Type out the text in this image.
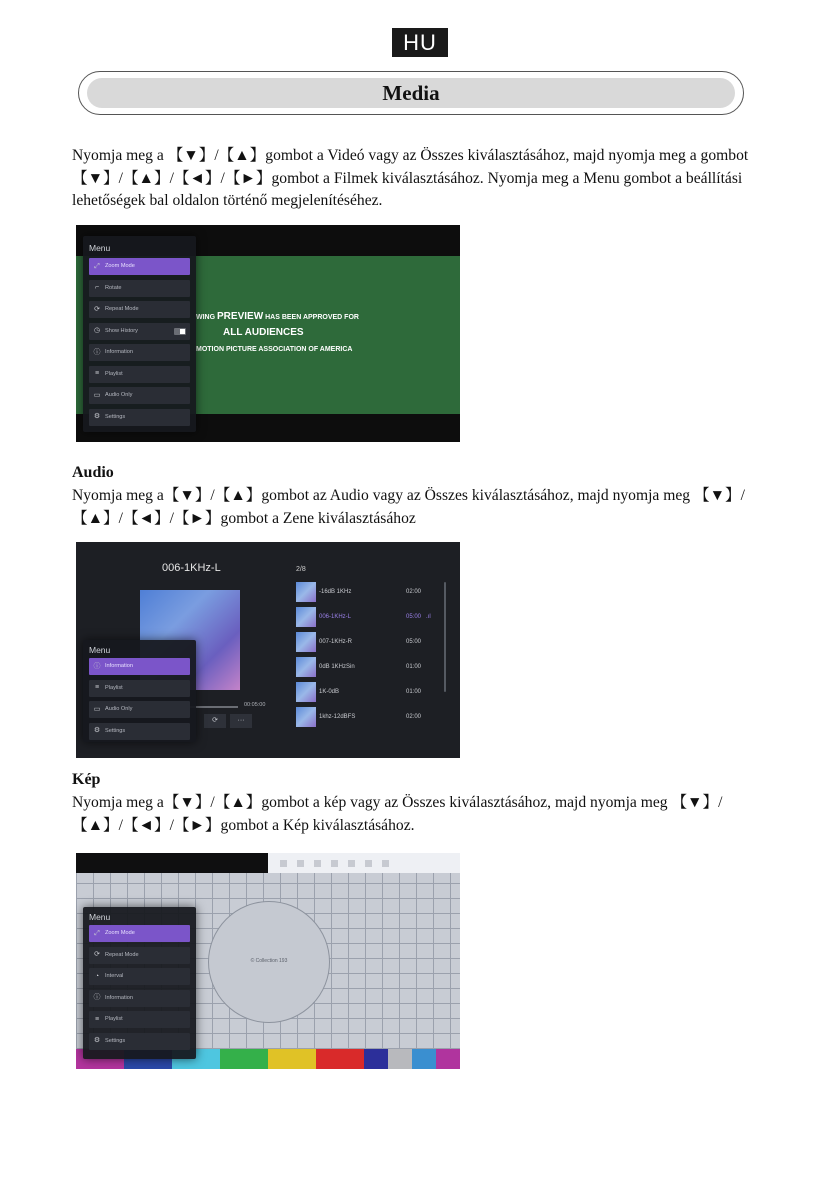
HU
Media

Nyomja meg a 【▼】/【▲】gombot a Videó vagy az Összes kiválasztásához, majd nyomja meg a gombot 【▼】/【▲】/【◄】/【►】gombot a Filmek kiválasztásához. Nyomja meg a Menu gombot a beállítási lehetőségek bal oldalon történő megjelenítéséhez.

WING PREVIEW HAS BEEN APPROVED FOR
ALL AUDIENCES
MOTION PICTURE ASSOCIATION OF AMERICA
Menu
⤢ Zoom Mode
⌐	Rotate
⟳ Repeat Mode
◷ Show History
ⓘ Information
≡	Playlist
▭ Audio Only
⚙ Settings
Audio

Nyomja meg a【▼】/【▲】gombot az Audio vagy az Összes kiválasztásához, majd nyomja meg 【▼】/【▲】/【◄】/【►】gombot a Zene kiválasztásához

006-1KHz-L	2/8
-16dB 1KHz	02:00
006-1KHz-L	05:00 .ıl
007-1KHz-R	05:00
0dB 1KHzSin	01:00
1K-0dB	01:00
1khz-12dBFS	02:00
00:05:00
⟳	···
Menu
ⓘ Information
≡	Playlist
▭ Audio Only
⚙ Settings
Kép

Nyomja meg a【▼】/【▲】gombot a kép vagy az Összes kiválasztásához, majd nyomja meg 【▼】/【▲】/【◄】/【►】gombot a Kép kiválasztásához.

© Collection 193
Menu
⤢ Zoom Mode
⟳ Repeat Mode
◔	Interval
ⓘ Information
≡	Playlist
⚙ Settings
